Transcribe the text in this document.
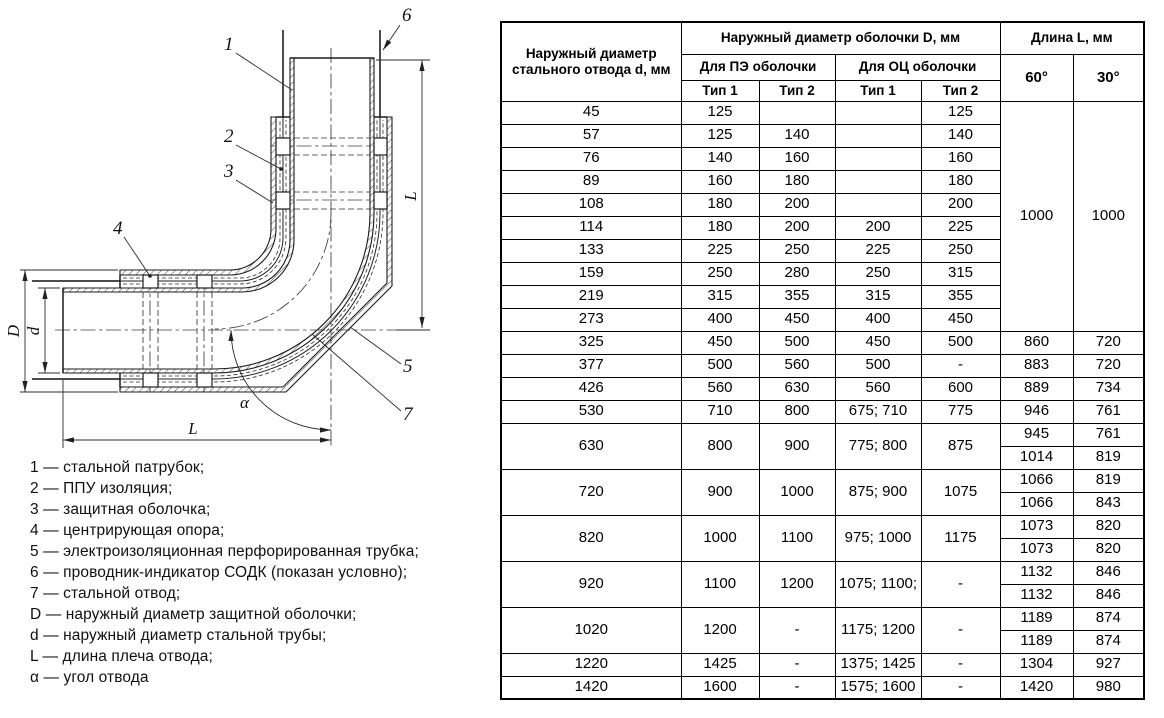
D d
L
L
α
1
2
3
4
5
6
7
1 — стальной патрубок;
2 — ППУ изоляция;
3 — защитная оболочка;
4 — центрирующая опора;
5 — электроизоляционная перфорированная трубка;
6 — проводник-индикатор СОДК (показан условно);
7 — стальной отвод;
D — наружный диаметр защитной оболочки;
d — наружный диаметр стальной трубы;
L — длина плеча отвода;
α — угол отвода
Наружный диаметр стального отвода d, мм	Наружный диаметр оболочки D, мм				Длина L, мм	
	Для ПЭ оболочки		Для ОЦ оболочки		60°	30°
	Тип 1	Тип 2	Тип 1	Тип 2		
45	125			125	1000	1000
57	125	140		140		
76	140	160		160		
89	160	180		180		
108	180	200		200		
114	180	200	200	225		
133	225	250	225	250		
159	250	280	250	315		
219	315	355	315	355		
273	400	450	400	450		
325	450	500	450	500	860	720
377	500	560	500	-	883	720
426	560	630	560	600	889	734
530	710	800	675; 710	775	946	761
630	800	900	775; 800	875	945	761
					1014	819
720	900	1000	875; 900	1075	1066	819
					1066	843
820	1000	1100	975; 1000	1175	1073	820
					1073	820
920	1100	1200	1075; 1100;	-	1132	846
					1132	846
1020	1200	-	1175; 1200	-	1189	874
					1189	874
1220	1425	-	1375; 1425	-	1304	927
1420	1600	-	1575; 1600	-	1420	980
